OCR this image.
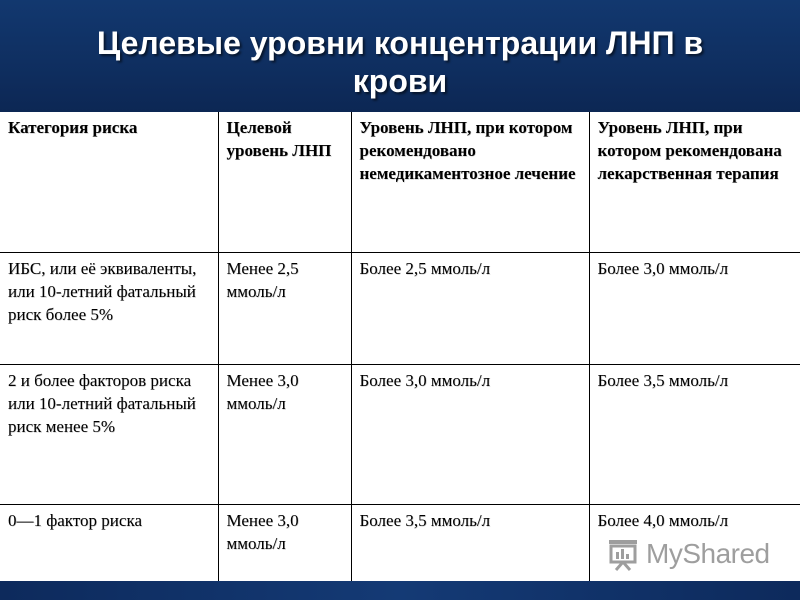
Целевые уровни концентрации ЛНП в
крови
Категория риска	Целевой уровень ЛНП	Уровень ЛНП, при котором рекомендовано немедикаментозное лечение	Уровень ЛНП, при котором рекомендована лекарственная терапия
ИБС, или её эквиваленты, или 10-летний фатальный риск более 5%	Менее 2,5 ммоль/л	Более 2,5 ммоль/л	Более 3,0 ммоль/л
2 и более факторов риска или 10-летний фатальный риск менее 5%	Менее 3,0 ммоль/л	Более 3,0 ммоль/л	Более 3,5 ммоль/л
0—1 фактор риска	Менее 3,0 ммоль/л	Более 3,5 ммоль/л	Более 4,0 ммоль/л
MyShared
